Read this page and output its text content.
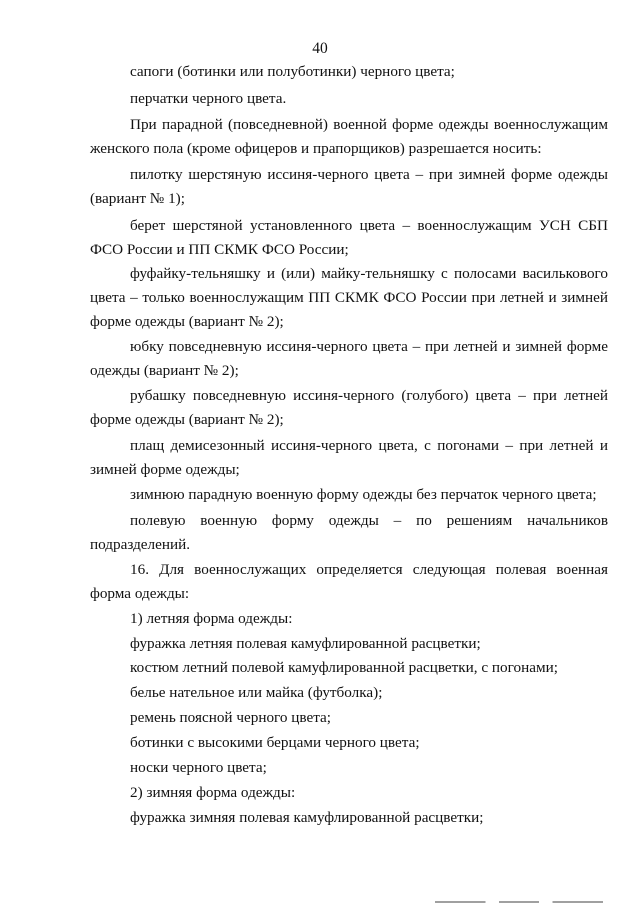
40

сапоги (ботинки или полуботинки) черного цвета;

перчатки черного цвета.

При парадной (повседневной) военной форме одежды военнослужащим женского пола (кроме офицеров и прапорщиков) разрешается носить:

пилотку шерстяную иссиня-черного цвета – при зимней форме одежды (вариант № 1);

берет шерстяной установленного цвета – военнослужащим УСН СБП ФСО России и ПП СКМК ФСО России;

фуфайку-тельняшку и (или) майку-тельняшку с полосами василькового цвета – только военнослужащим ПП СКМК ФСО России при летней и зимней форме одежды (вариант № 2);

юбку повседневную иссиня-черного цвета – при летней и зимней форме одежды (вариант № 2);

рубашку повседневную иссиня-черного (голубого) цвета – при летней форме одежды (вариант № 2);

плащ демисезонный иссиня-черного цвета, с погонами – при летней и зимней форме одежды;

зимнюю парадную военную форму одежды без перчаток черного цвета;

полевую военную форму одежды – по решениям начальников подразделений.

16. Для военнослужащих определяется следующая полевая военная форма одежды:

1) летняя форма одежды:

фуражка летняя полевая камуфлированной расцветки;

костюм летний полевой камуфлированной расцветки, с погонами;

белье нательное или майка (футболка);

ремень поясной черного цвета;

ботинки с высокими берцами черного цвета;

носки черного цвета;

2) зимняя форма одежды:

фуражка зимняя полевая камуфлированной расцветки;
